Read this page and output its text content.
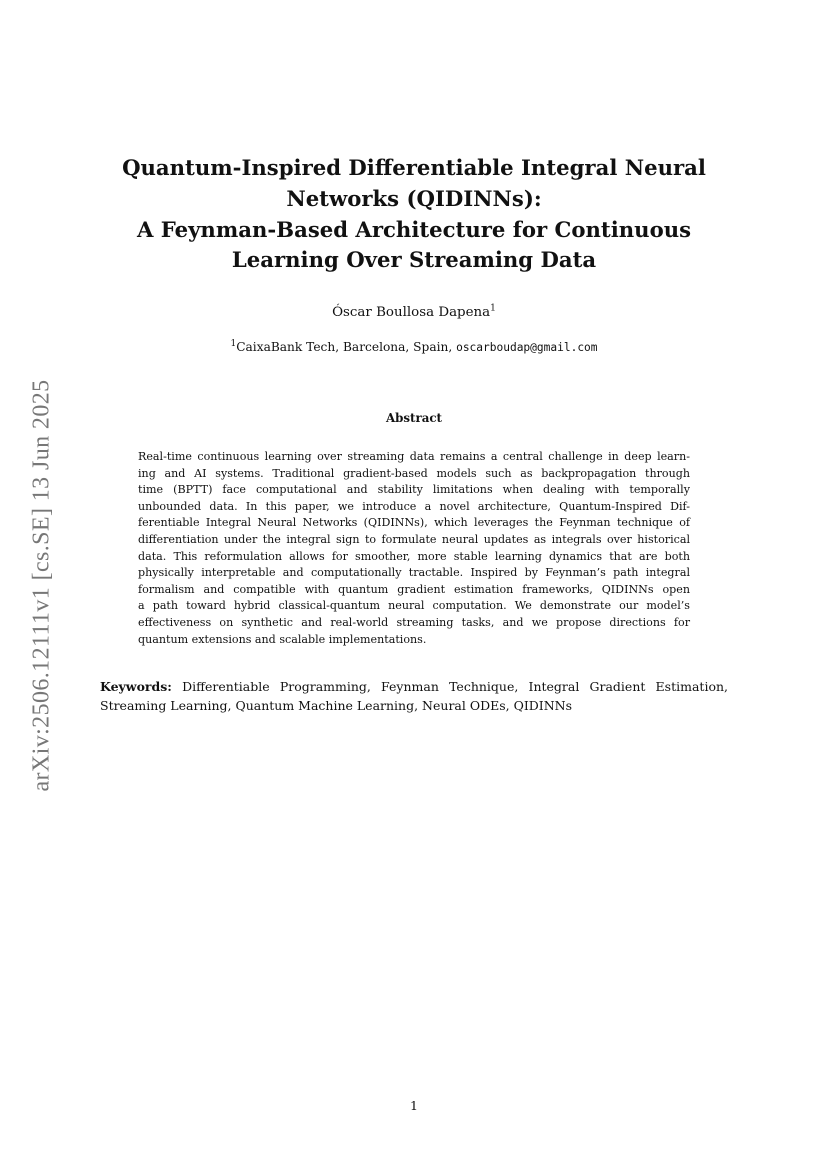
arXiv:2506.12111v1 [cs.SE] 13 Jun 2025
Quantum-Inspired Differentiable Integral Neural
Networks (QIDINNs):
A Feynman-Based Architecture for Continuous
Learning Over Streaming Data
Óscar Boullosa Dapena$^1$
$^1$CaixaBank Tech, Barcelona, Spain, oscarboudap@gmail.com
Abstract
Real-time continuous learning over streaming data remains a central challenge in deep learn-
ing and AI systems. Traditional gradient-based models such as backpropagation through
time (BPTT) face computational and stability limitations when dealing with temporally
unbounded data. In this paper, we introduce a novel architecture, Quantum-Inspired Dif-
ferentiable Integral Neural Networks (QIDINNs), which leverages the Feynman technique of
differentiation under the integral sign to formulate neural updates as integrals over historical
data. This reformulation allows for smoother, more stable learning dynamics that are both
physically interpretable and computationally tractable. Inspired by Feynman’s path integral
formalism and compatible with quantum gradient estimation frameworks, QIDINNs open
a path toward hybrid classical-quantum neural computation. We demonstrate our model’s
effectiveness on synthetic and real-world streaming tasks, and we propose directions for
quantum extensions and scalable implementations.
Keywords: Differentiable Programming, Feynman Technique, Integral Gradient Estimation,
Streaming Learning, Quantum Machine Learning, Neural ODEs, QIDINNs
1
